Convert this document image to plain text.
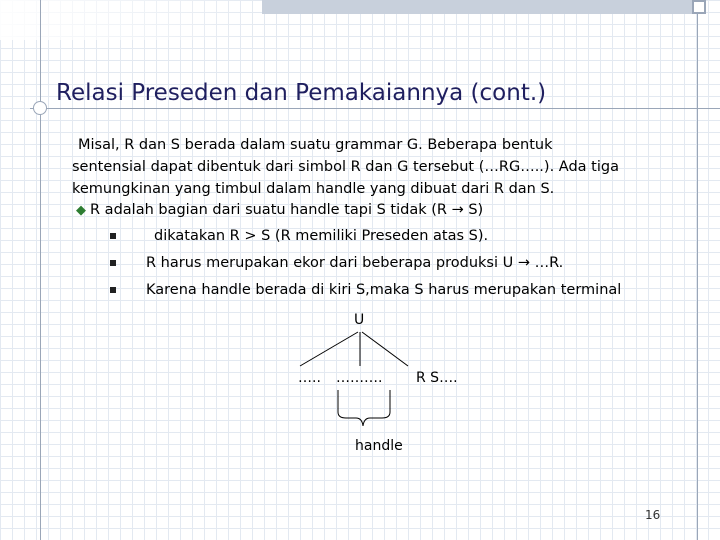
Relasi Preseden dan Pemakaiannya (cont.)
Misal, R dan S berada dalam suatu grammar G. Beberapa bentuk
sentensial dapat dibentuk dari simbol R dan G tersebut (…RG…..). Ada tiga
kemungkinan yang timbul dalam handle yang dibuat dari R dan S.
◆ R adalah bagian dari suatu handle tapi S tidak (R → S)
dikatakan R > S (R memiliki Preseden atas S).
R harus merupakan ekor dari beberapa produksi U → …R.
Karena handle berada di kiri S,maka S harus merupakan terminal
U
….. ………. R S….
handle
16
